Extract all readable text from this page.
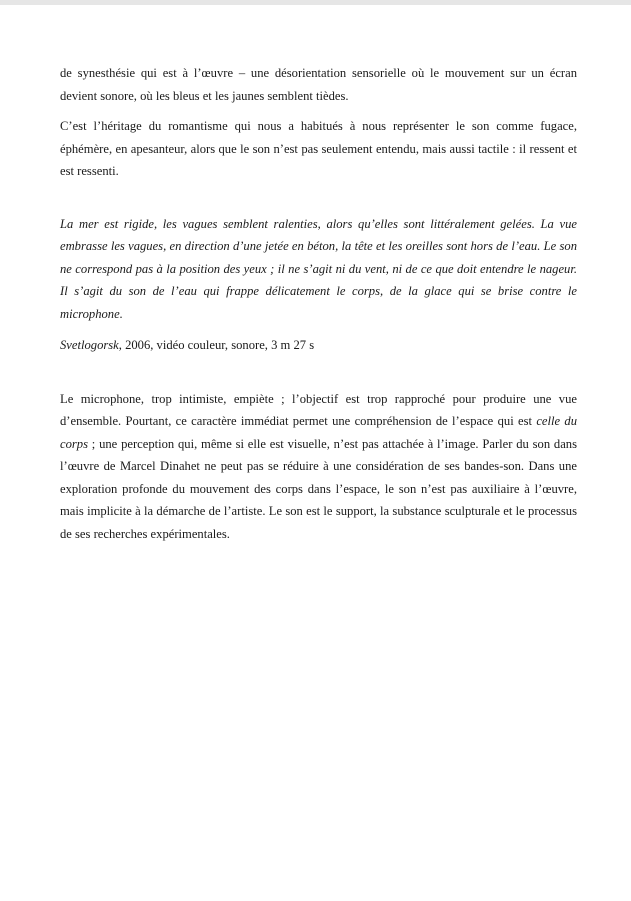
de synesthésie qui est à l’œuvre – une désorientation sensorielle où le mouvement sur un écran devient sonore, où les bleus et les jaunes semblent tièdes.

C’est l’héritage du romantisme qui nous a habitués à nous représenter le son comme fugace, éphémère, en apesanteur, alors que le son n’est pas seulement entendu, mais aussi tactile : il ressent et est ressenti.

La mer est rigide, les vagues semblent ralenties, alors qu’elles sont littéralement gelées. La vue embrasse les vagues, en direction d’une jetée en béton, la tête et les oreilles sont hors de l’eau. Le son ne correspond pas à la position des yeux ; il ne s’agit ni du vent, ni de ce que doit entendre le nageur. Il s’agit du son de l’eau qui frappe délicatement le corps, de la glace qui se brise contre le microphone.

Svetlogorsk, 2006, vidéo couleur, sonore, 3 m 27 s

Le microphone, trop intimiste, empiète ; l’objectif est trop rapproché pour produire une vue d’ensemble. Pourtant, ce caractère immédiat permet une compréhension de l’espace qui est celle du corps ; une perception qui, même si elle est visuelle, n’est pas attachée à l’image. Parler du son dans l’œuvre de Marcel Dinahet ne peut pas se réduire à une considération de ses bandes-son. Dans une exploration profonde du mouvement des corps dans l’espace, le son n’est pas auxiliaire à l’œuvre, mais implicite à la démarche de l’artiste. Le son est le support, la substance sculpturale et le processus de ses recherches expérimentales.
